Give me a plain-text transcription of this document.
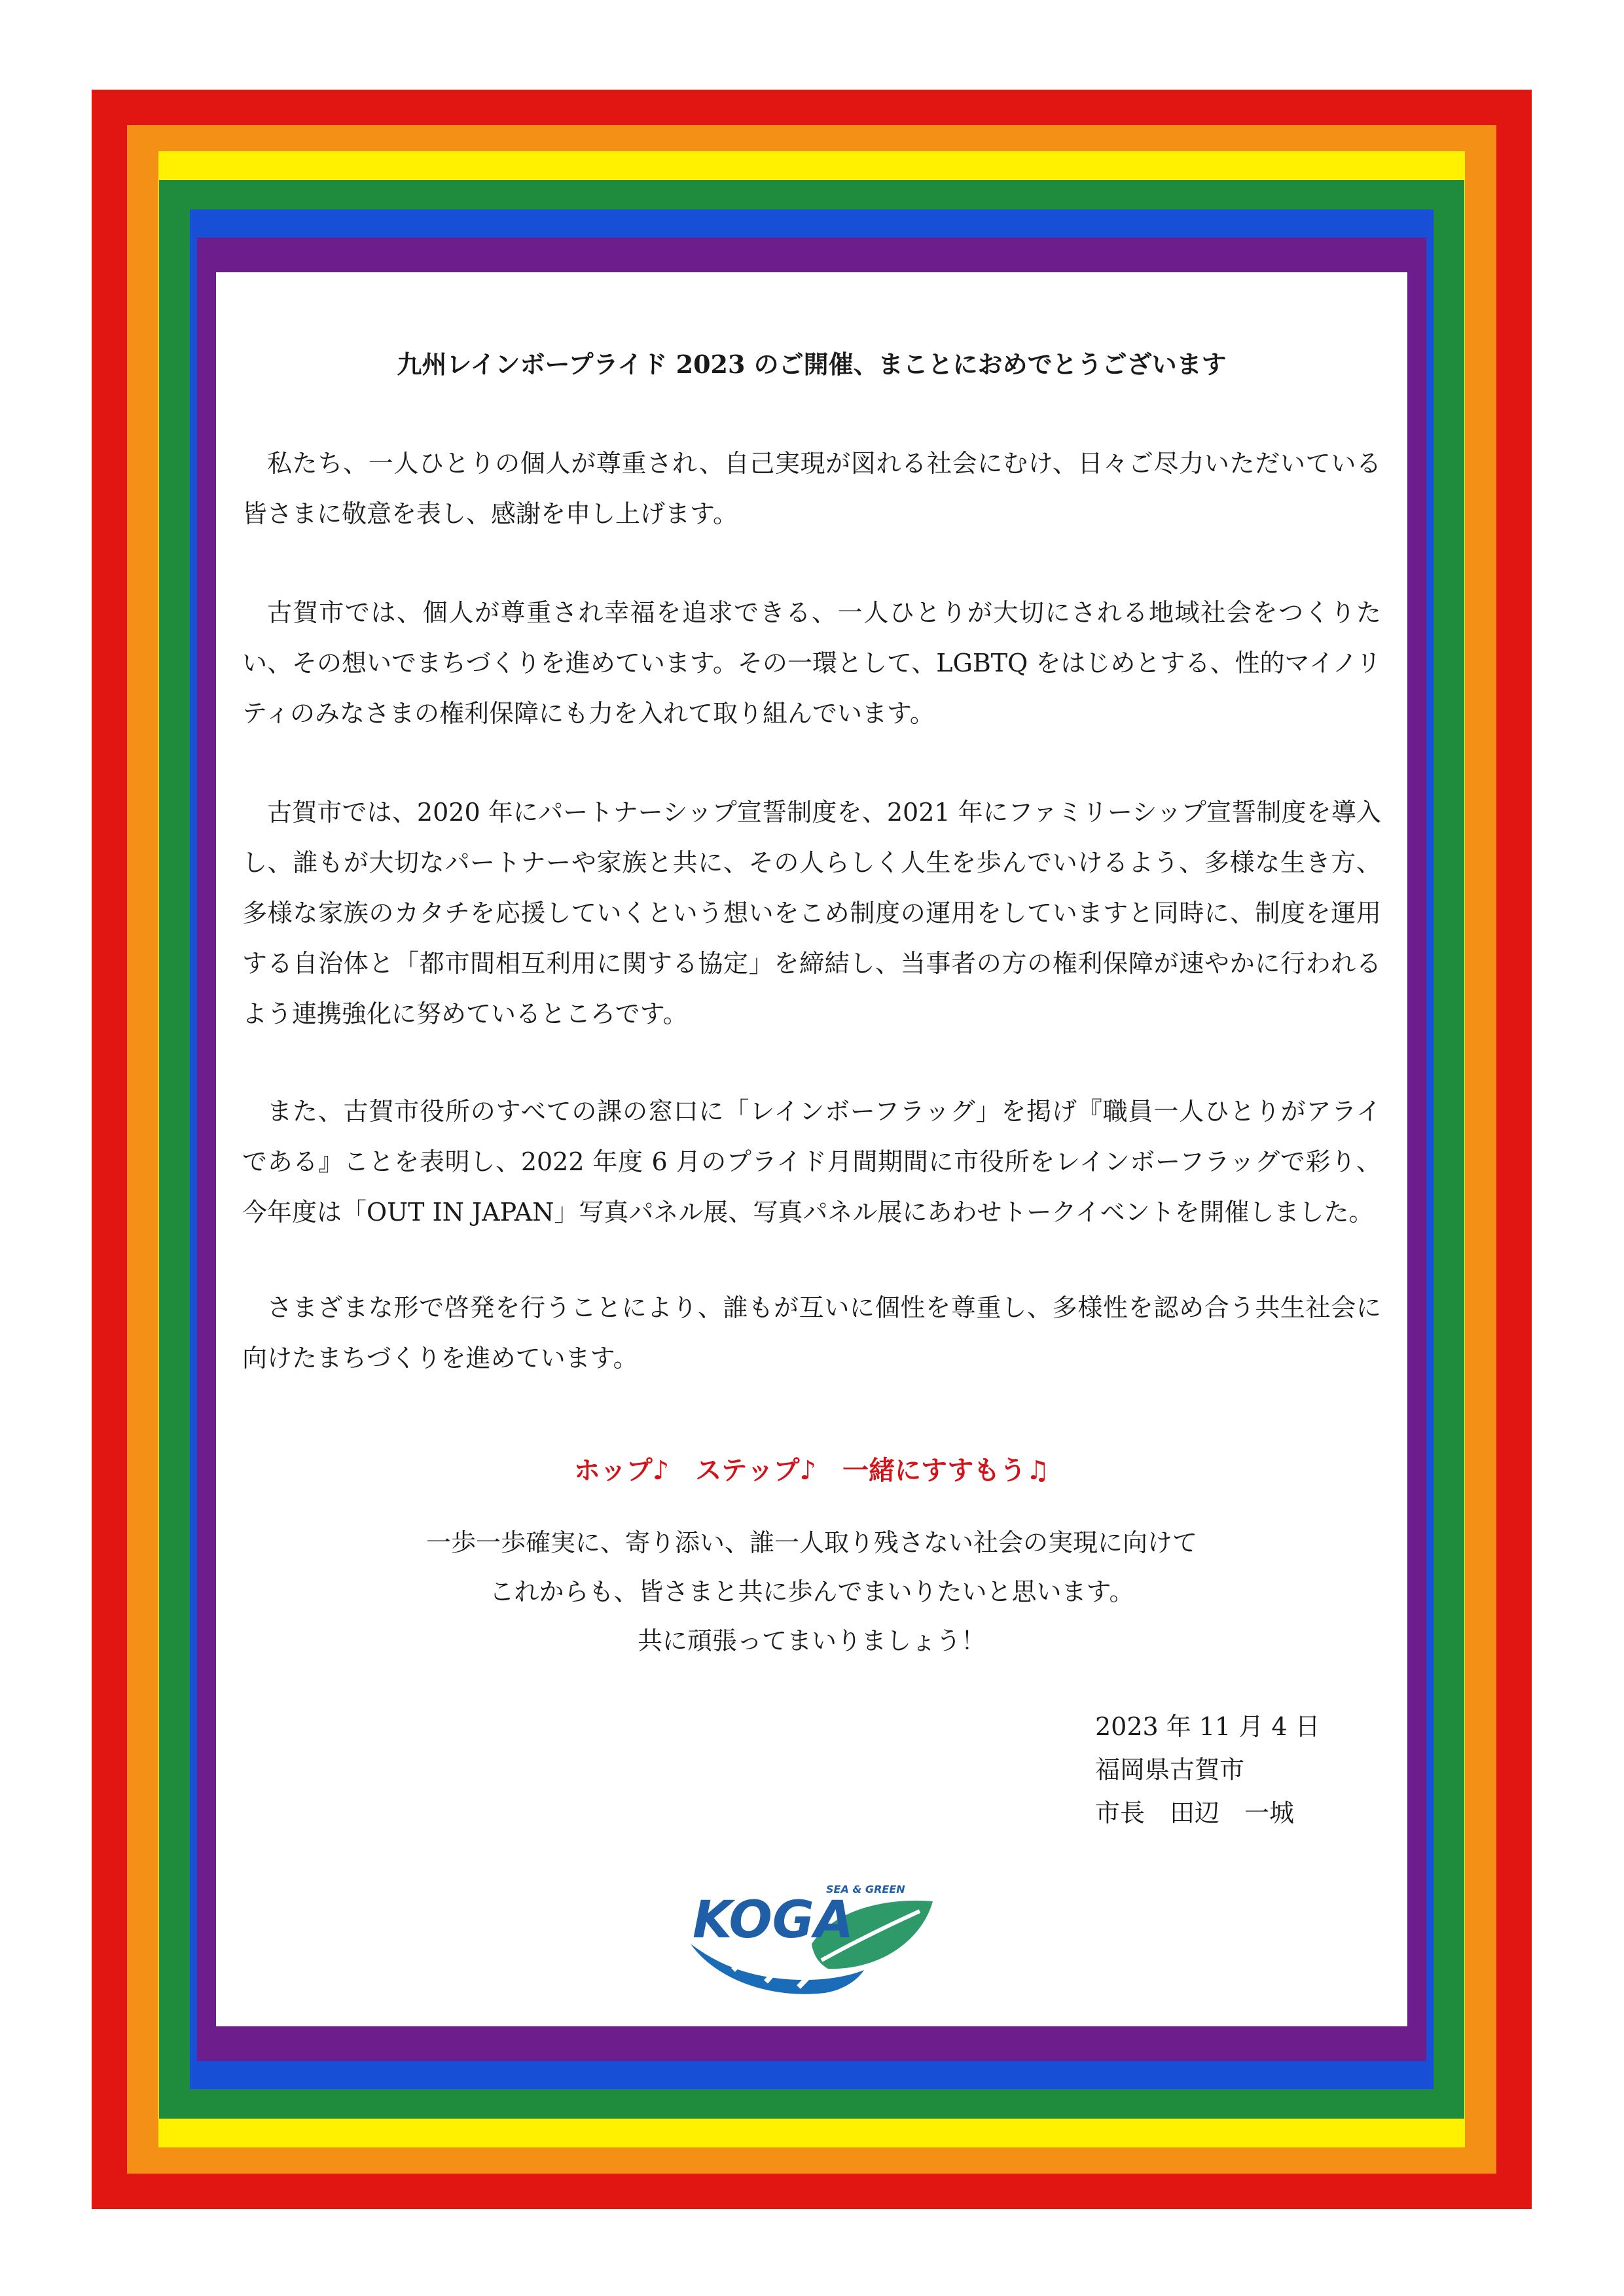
九州レインボープライド 2023 のご開催、まことにおめでとうございます

私たち、一人ひとりの個人が尊重され、自己実現が図れる社会にむけ、日々ご尽力いただいている皆さまに敬意を表し、感謝を申し上げます。

古賀市では、個人が尊重され幸福を追求できる、一人ひとりが大切にされる地域社会をつくりたい、その想いでまちづくりを進めています。その一環として、LGBTQ をはじめとする、性的マイノリティのみなさまの権利保障にも力を入れて取り組んでいます。

古賀市では、2020 年にパートナーシップ宣誓制度を、2021 年にファミリーシップ宣誓制度を導入し、誰もが大切なパートナーや家族と共に、その人らしく人生を歩んでいけるよう、多様な生き方、多様な家族のカタチを応援していくという想いをこめ制度の運用をしていますと同時に、制度を運用する自治体と「都市間相互利用に関する協定」を締結し、当事者の方の権利保障が速やかに行われるよう連携強化に努めているところです。

また、古賀市役所のすべての課の窓口に「レインボーフラッグ」を掲げ『職員一人ひとりがアライである』ことを表明し、2022 年度 6 月のプライド月間期間に市役所をレインボーフラッグで彩り、今年度は「OUT IN JAPAN」写真パネル展、写真パネル展にあわせトークイベントを開催しました。

さまざまな形で啓発を行うことにより、誰もが互いに個性を尊重し、多様性を認め合う共生社会に向けたまちづくりを進めています。

ホップ♪　ステップ♪　一緒にすすもう♫
一歩一歩確実に、寄り添い、誰一人取り残さない社会の実現に向けて
これからも、皆さまと共に歩んでまいりたいと思います。
共に頑張ってまいりましょう！
2023 年 11 月 4 日
福岡県古賀市
市長　田辺　一城
KOGA
SEA & GREEN
